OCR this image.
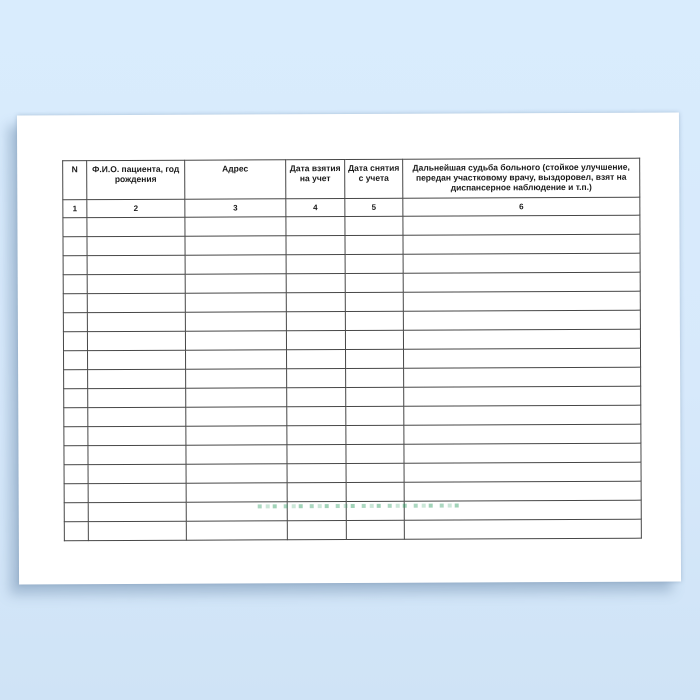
N	Ф.И.О. пациента, год рождения	Адрес	Дата взятия на учет	Дата снятия с учета	Дальнейшая судьба больного (стойкое улучшение, передан участковому врачу, выздоровел, взят на диспансерное наблюдение и т.п.)
1	2	3	4	5	6
